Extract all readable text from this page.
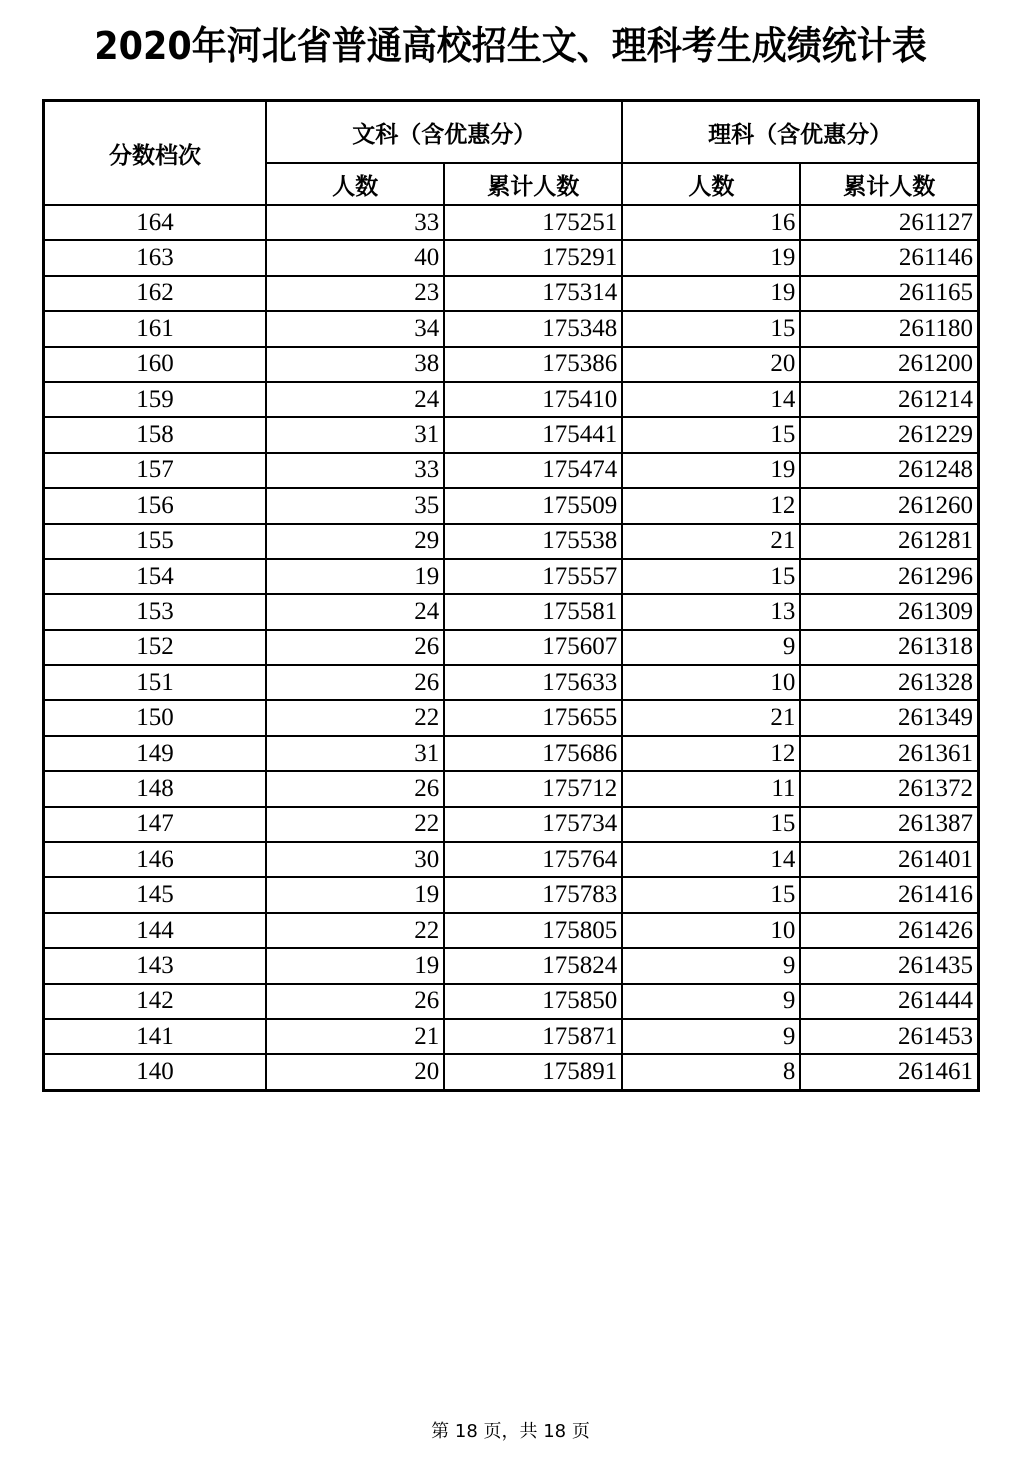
2020年河北省普通高校招生文、理科考生成绩统计表
分数档次	文科（含优惠分）		理科（含优惠分）	
	人数	累计人数	人数	累计人数
164	33	175251	16	261127
163	40	175291	19	261146
162	23	175314	19	261165
161	34	175348	15	261180
160	38	175386	20	261200
159	24	175410	14	261214
158	31	175441	15	261229
157	33	175474	19	261248
156	35	175509	12	261260
155	29	175538	21	261281
154	19	175557	15	261296
153	24	175581	13	261309
152	26	175607	9	261318
151	26	175633	10	261328
150	22	175655	21	261349
149	31	175686	12	261361
148	26	175712	11	261372
147	22	175734	15	261387
146	30	175764	14	261401
145	19	175783	15	261416
144	22	175805	10	261426
143	19	175824	9	261435
142	26	175850	9	261444
141	21	175871	9	261453
140	20	175891	8	261461
第 18 页，共 18 页
